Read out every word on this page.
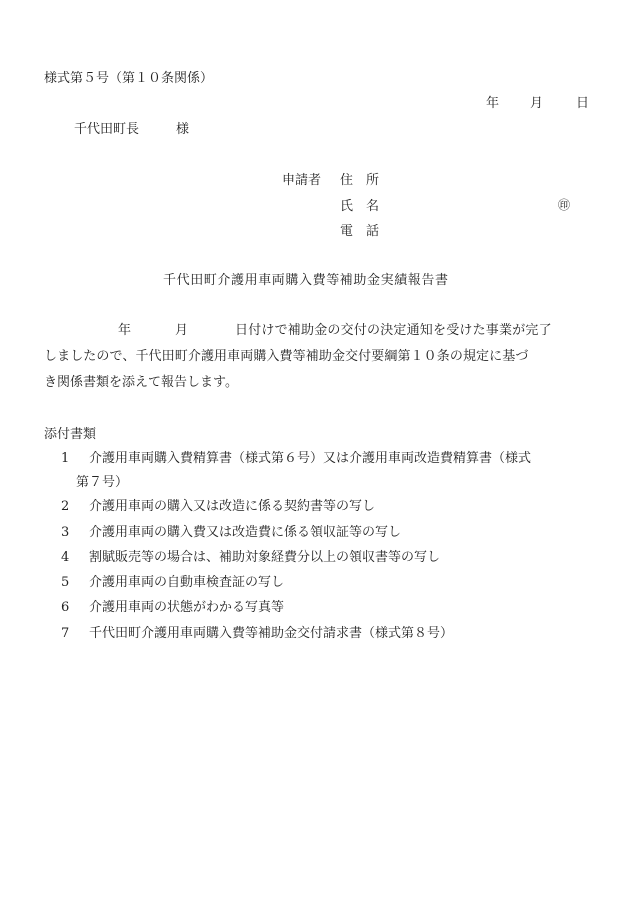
様式第５号（第１０条関係）
年 月	日
千代田町長	様
申請者 住　所
氏　名	㊞
電　話
千代田町介護用車両購入費等補助金実績報告書
年	月	日付けで補助金の交付の決定通知を受けた事業が完了
しましたので、千代田町介護用車両購入費等補助金交付要綱第１０条の規定に基づ
き関係書類を添えて報告します。
添付書類
1 介護用車両購入費精算書（様式第６号）又は介護用車両改造費精算書（様式
第７号）
2 介護用車両の購入又は改造に係る契約書等の写し
3 介護用車両の購入費又は改造費に係る領収証等の写し
4 割賦販売等の場合は、補助対象経費分以上の領収書等の写し
5 介護用車両の自動車検査証の写し
6 介護用車両の状態がわかる写真等
7 千代田町介護用車両購入費等補助金交付請求書（様式第８号）
